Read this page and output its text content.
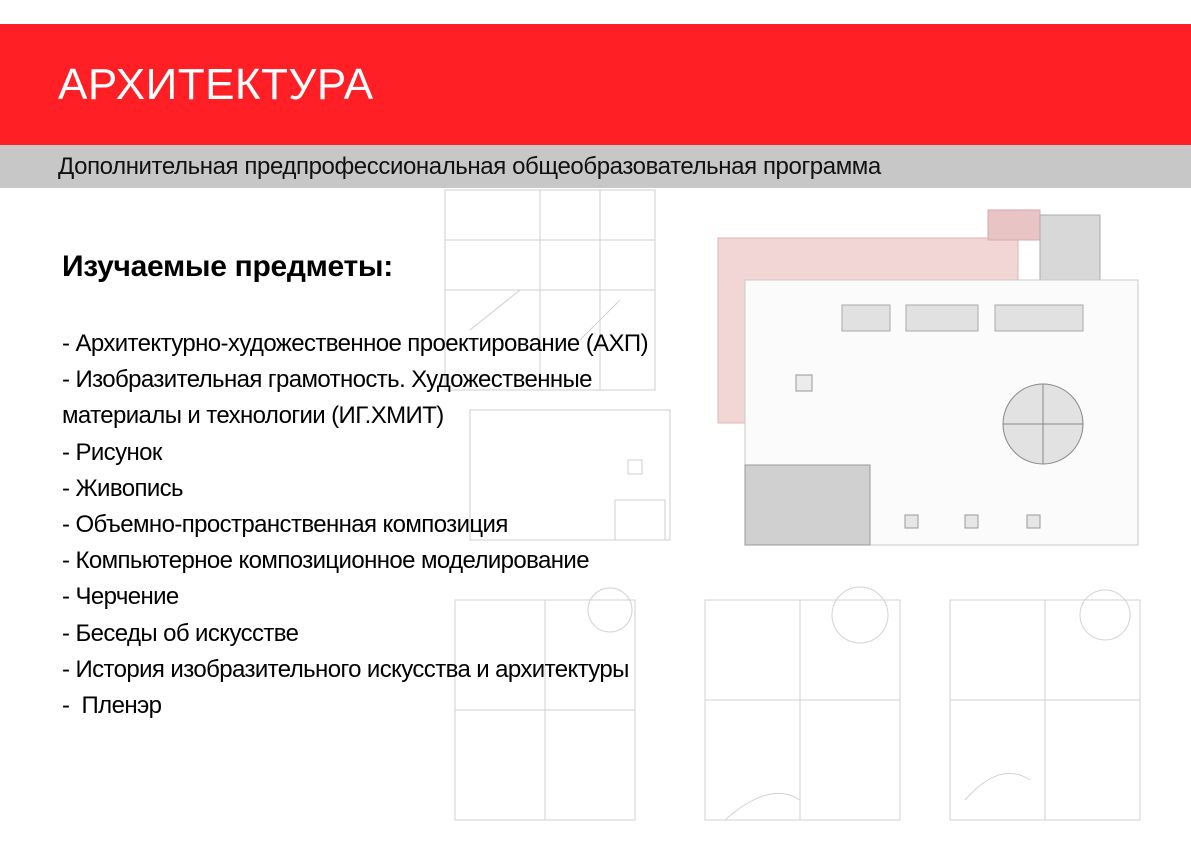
АРХИТЕКТУРА
Дополнительная предпрофессиональная общеобразовательная программа
Изучаемые предметы:
- Архитектурно-художественное проектирование (АХП)
- Изобразительная грамотность. Художественные
материалы и технологии (ИГ.ХМИТ)
- Рисунок
- Живопись
- Объемно-пространственная композиция
- Компьютерное композиционное моделирование
- Черчение
- Беседы об искусстве
- История изобразительного искусства и архитектуры
-  Пленэр
